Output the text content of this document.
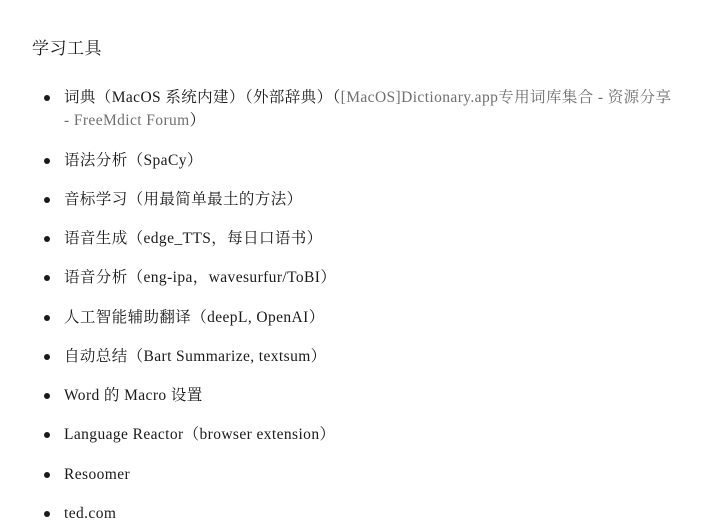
学习工具
词典（MacOS 系统内建）（外部辞典）（[MacOS]Dictionary.app专用词库集合 - 资源分享 - FreeMdict Forum）
语法分析（SpaCy）
音标学习（用最简单最土的方法）
语音生成（edge_TTS，每日口语书）
语音分析（eng-ipa，wavesurfur/ToBI）
人工智能辅助翻译（deepL, OpenAI）
自动总结（Bart Summarize, textsum）
Word 的 Macro 设置
Language Reactor（browser extension）
Resoomer
ted.com
